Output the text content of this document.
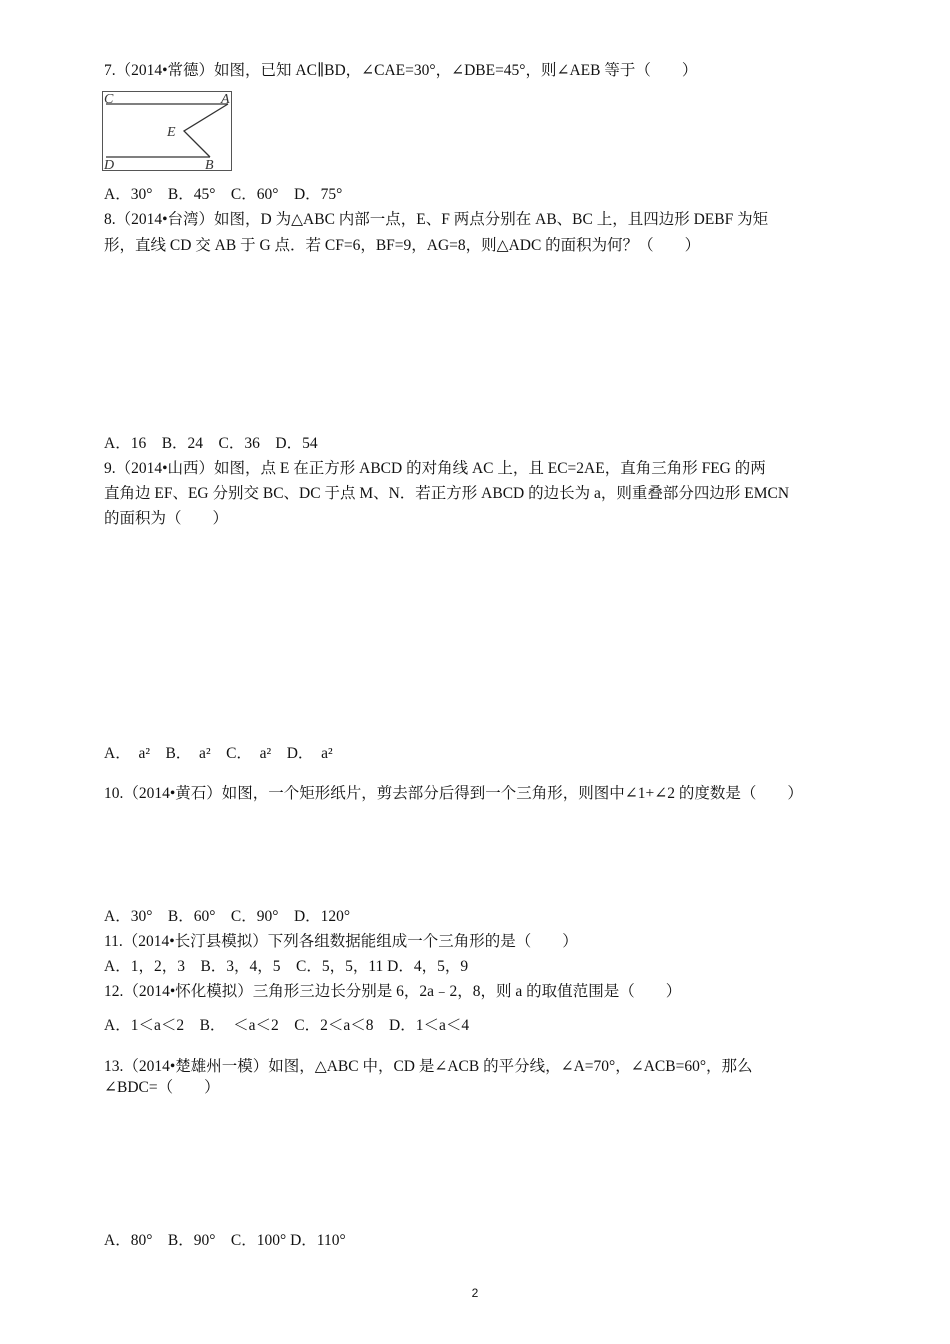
7.（2014•常德）如图，已知 AC∥BD，∠CAE=30°，∠DBE=45°，则∠AEB 等于（　　）
C	A
E
D	B
A．30°　B．45°　C．60°　D．75°
8.（2014•台湾）如图，D 为△ABC 内部一点，E、F 两点分别在 AB、BC 上，且四边形 DEBF 为矩
形，直线 CD 交 AB 于 G 点．若 CF=6，BF=9，AG=8，则△ADC 的面积为何？（　　）
A．16　B．24　C．36　D．54
9.（2014•山西）如图，点 E 在正方形 ABCD 的对角线 AC 上，且 EC=2AE，直角三角形 FEG 的两
直角边 EF、EG 分别交 BC、DC 于点 M、N．若正方形 ABCD 的边长为 a，则重叠部分四边形 EMCN
的面积为（　　）
A．　a²　B．　a²　C．　a²　D．　a²
10.（2014•黄石）如图，一个矩形纸片，剪去部分后得到一个三角形，则图中∠1+∠2 的度数是（　　）
A．30°　B．60°　C．90°　D．120°
11.（2014•长汀县模拟）下列各组数据能组成一个三角形的是（　　）
A．1，2，3　B．3，4，5　C．5，5，11 D．4，5，9
12.（2014•怀化模拟）三角形三边长分别是 6，2a﹣2，8，则 a 的取值范围是（　　）
A．1＜a＜2　B．　＜a＜2　C．2＜a＜8　D．1＜a＜4
13.（2014•楚雄州一模）如图，△ABC 中，CD 是∠ACB 的平分线，∠A=70°，∠ACB=60°，那么
∠BDC=（　　）
A．80°　B．90°　C．100° D．110°
2
